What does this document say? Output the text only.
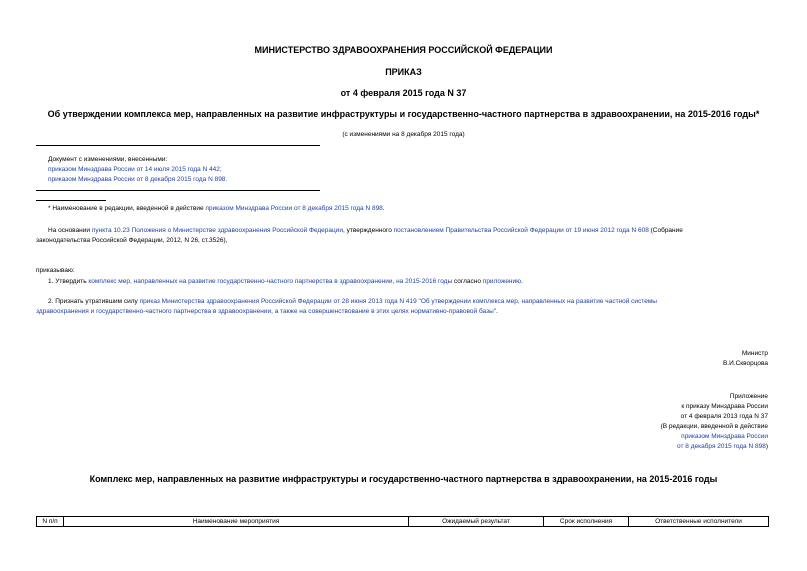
МИНИСТЕРСТВО ЗДРАВООХРАНЕНИЯ РОССИЙСКОЙ ФЕДЕРАЦИИ
ПРИКАЗ
от 4 февраля 2015 года N 37
Об утверждении комплекса мер, направленных на развитие инфраструктуры и государственно-частного партнерства в здравоохранении, на 2015-2016 годы*
(с изменениями на 8 декабря 2015 года)
Документ с изменениями, внесенными:
приказом Минздрава России от 14 июля 2015 года N 442;
приказом Минздрава России от 8 декабря 2015 года N 898.
* Наименование в редакции, введенной в действие приказом Минздрава России от 8 декабря 2015 года N 898.
На основании пункта 10.23 Положения о Министерстве здравоохранения Российской Федерации, утвержденного постановлением Правительства Российской Федерации от 19 июня 2012 года N 608 (Собрание
законодательства Российской Федерации, 2012, N 26, ст.3526),
приказываю:
1. Утвердить комплекс мер, направленных на развитие государственно-частного партнерства в здравоохранении, на 2015-2016 годы согласно приложению.
2. Признать утратившим силу приказ Министерства здравоохранения Российской Федерации от 28 июня 2013 года N 419 "Об утверждении комплекса мер, направленных на развитие частной системы
здравоохранения и государственно-частного партнерства в здравоохранении, а также на совершенствование в этих целях нормативно-правовой базы".
Министр
В.И.Скворцова
Приложение
к приказу Минздрава России
от 4 февраля 2013 года N 37
(В редакции, введенной в действие
приказом Минздрава России
от 8 декабря 2015 года N 898)
Комплекс мер, направленных на развитие инфраструктуры и государственно-частного партнерства в здравоохранении, на 2015-2016 годы
N п/п	Наименование мероприятия	Ожидаемый результат	Срок исполнения	Ответственные исполнители
